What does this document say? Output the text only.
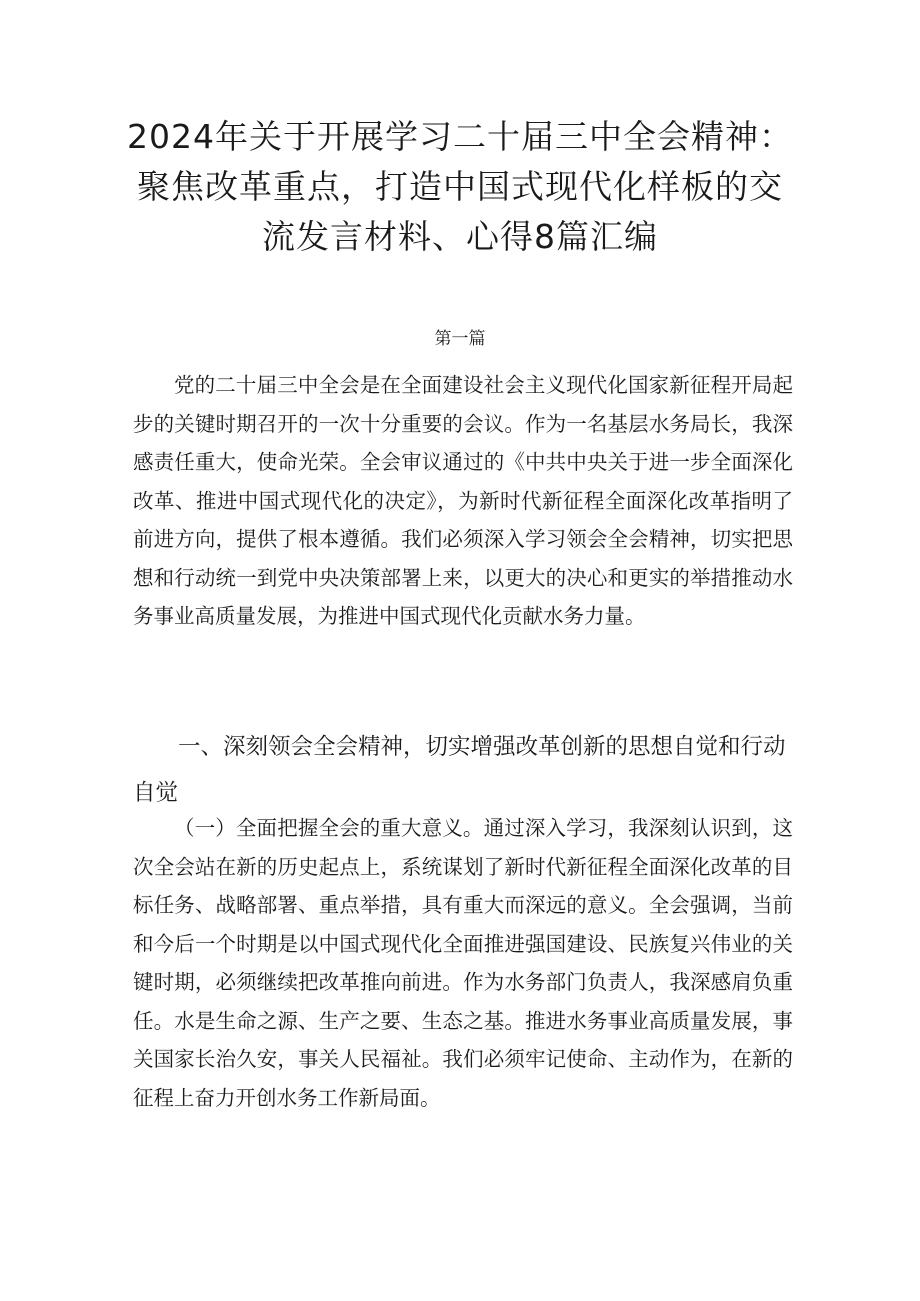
2024年关于开展学习二十届三中全会精神：
聚焦改革重点，打造中国式现代化样板的交
流发言材料、心得8篇汇编
第一篇

党的二十届三中全会是在全面建设社会主义现代化国家新征程开局起步的关键时期召开的一次十分重要的会议。作为一名基层水务局长，我深感责任重大，使命光荣。全会审议通过的《中共中央关于进一步全面深化改革、推进中国式现代化的决定》，为新时代新征程全面深化改革指明了前进方向，提供了根本遵循。我们必须深入学习领会全会精神，切实把思想和行动统一到党中央决策部署上来，以更大的决心和更实的举措推动水务事业高质量发展，为推进中国式现代化贡献水务力量。

一、深刻领会全会精神，切实增强改革创新的思想自觉和行动自觉

（一）全面把握全会的重大意义。通过深入学习，我深刻认识到，这次全会站在新的历史起点上，系统谋划了新时代新征程全面深化改革的目标任务、战略部署、重点举措，具有重大而深远的意义。全会强调，当前和今后一个时期是以中国式现代化全面推进强国建设、民族复兴伟业的关键时期，必须继续把改革推向前进。作为水务部门负责人，我深感肩负重任。水是生命之源、生产之要、生态之基。推进水务事业高质量发展，事关国家长治久安，事关人民福祉。我们必须牢记使命、主动作为，在新的征程上奋力开创水务工作新局面。
